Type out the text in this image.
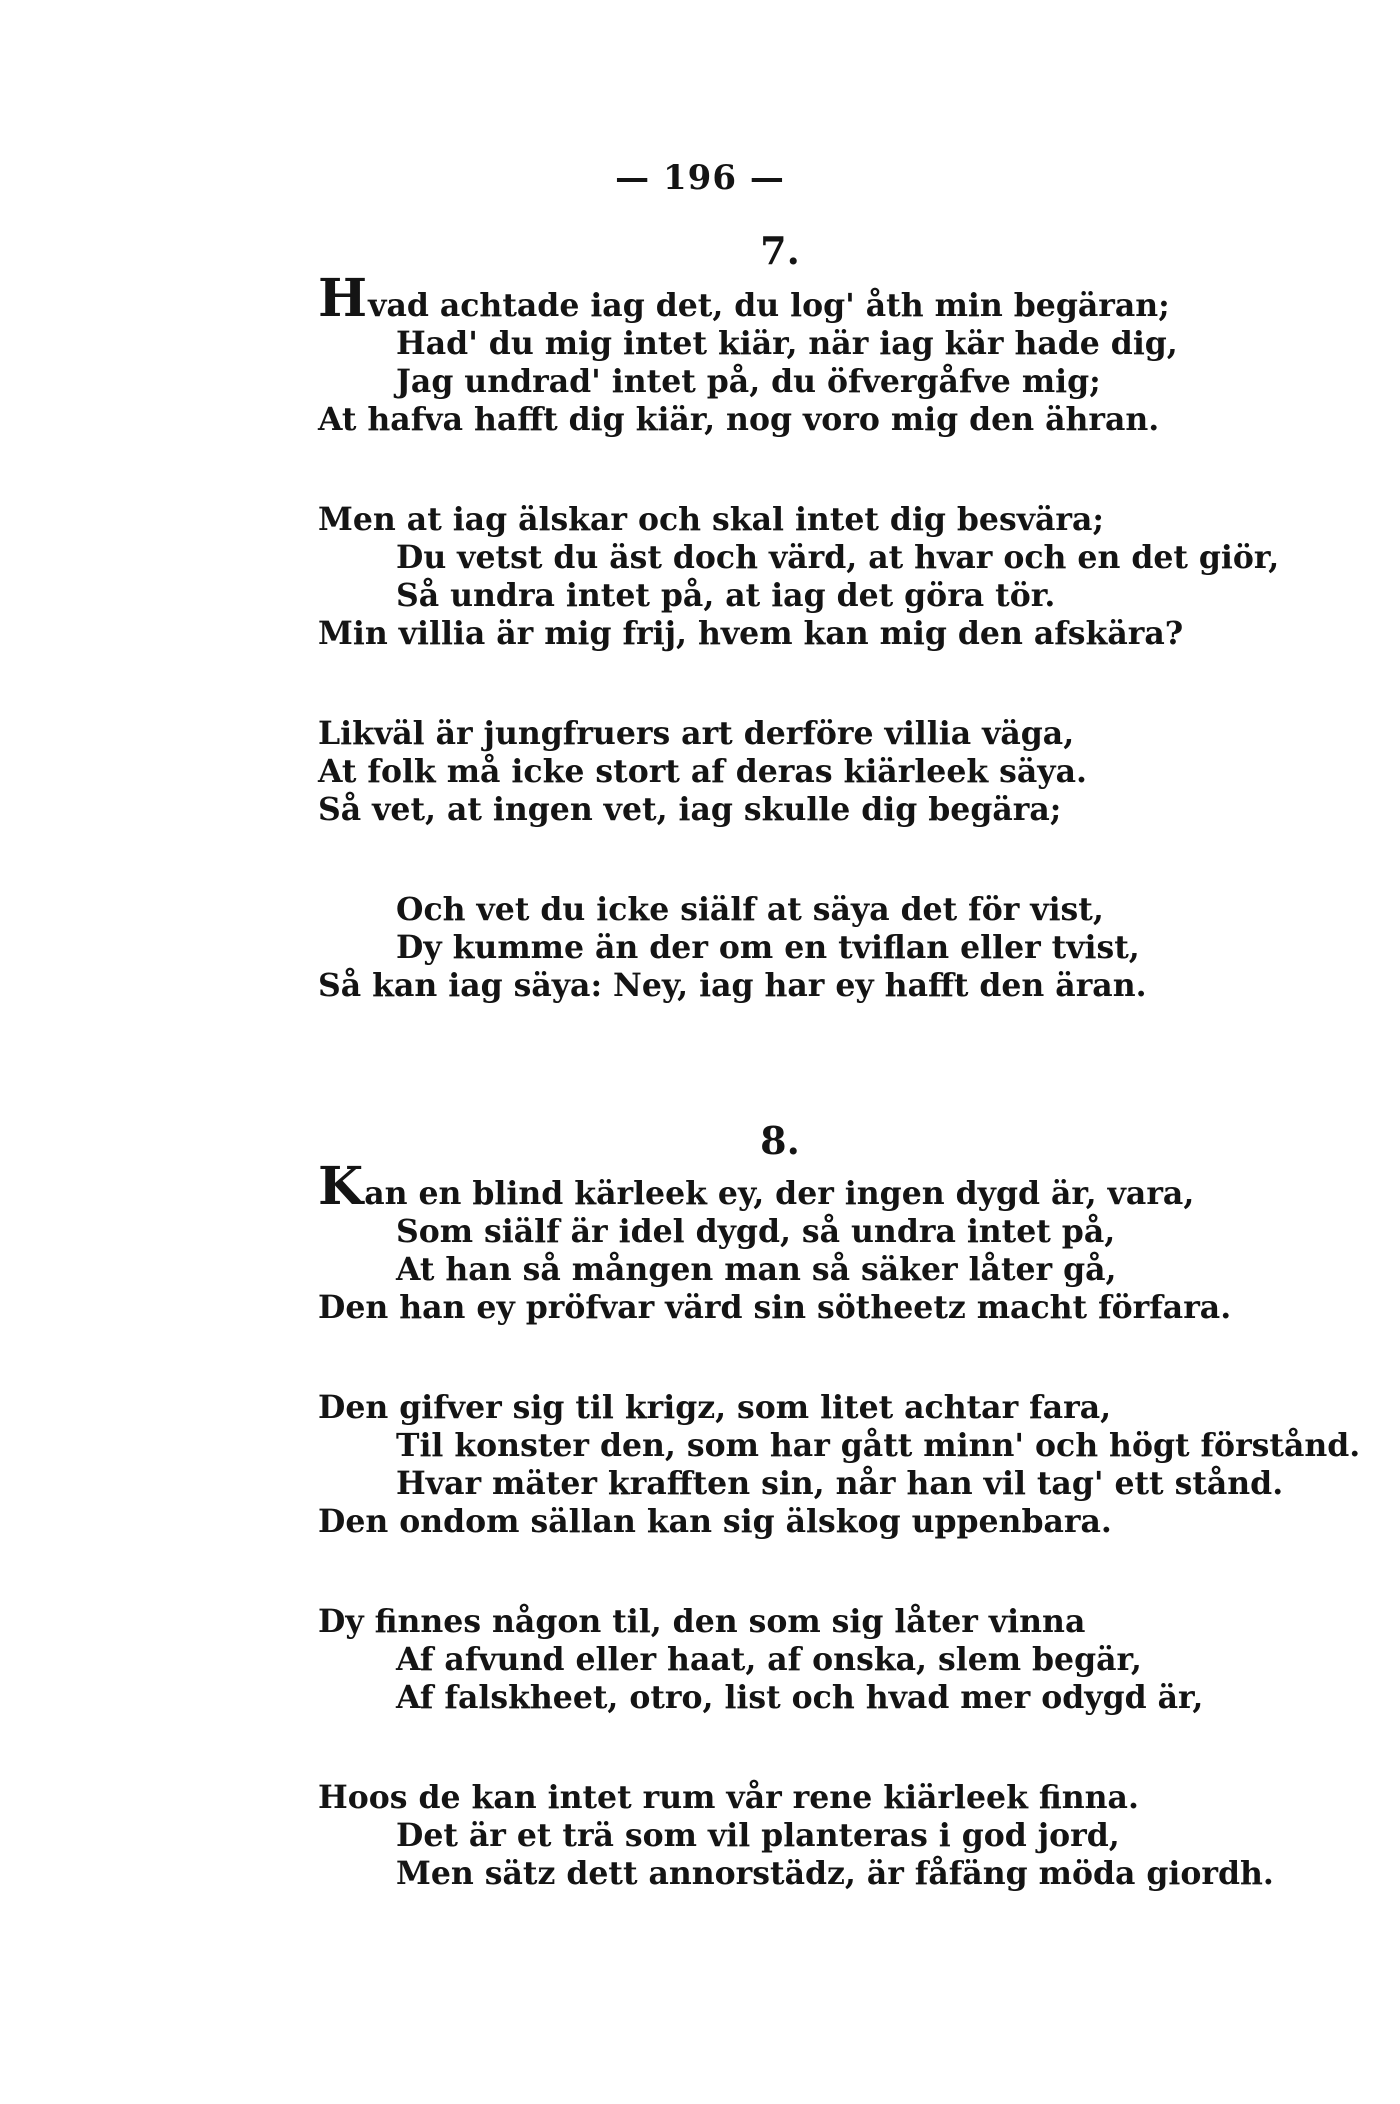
— 196 —
7.
Hvad achtade iag det, du log' åth min begäran;
Had' du mig intet kiär, när iag kär hade dig,
Jag undrad' intet på, du öfvergåfve mig;
At hafva hafft dig kiär, nog voro mig den ähran.
Men at iag älskar och skal intet dig besvära;
Du vetst du äst doch värd, at hvar och en det giör,
Så undra intet på, at iag det göra tör.
Min villia är mig frij, hvem kan mig den afskära?
Likväl är jungfruers art derföre villia väga,
At folk må icke stort af deras kiärleek säya.
Så vet, at ingen vet, iag skulle dig begära;
Och vet du icke siälf at säya det för vist,
Dy kumme än der om en tviflan eller tvist,
Så kan iag säya: Ney, iag har ey hafft den äran.
8.
Kan en blind kärleek ey, der ingen dygd är, vara,
Som siälf är idel dygd, så undra intet på,
At han så mången man så säker låter gå,
Den han ey pröfvar värd sin sötheetz macht förfara.
Den gifver sig til krigz, som litet achtar fara,
Til konster den, som har gått minn' och högt förstånd.
Hvar mäter krafften sin, når han vil tag' ett stånd.
Den ondom sällan kan sig älskog uppenbara.
Dy finnes någon til, den som sig låter vinna
Af afvund eller haat, af onska, slem begär,
Af falskheet, otro, list och hvad mer odygd är,
Hoos de kan intet rum vår rene kiärleek finna.
Det är et trä som vil planteras i god jord,
Men sätz dett annorstädz, är fåfäng möda giordh.
